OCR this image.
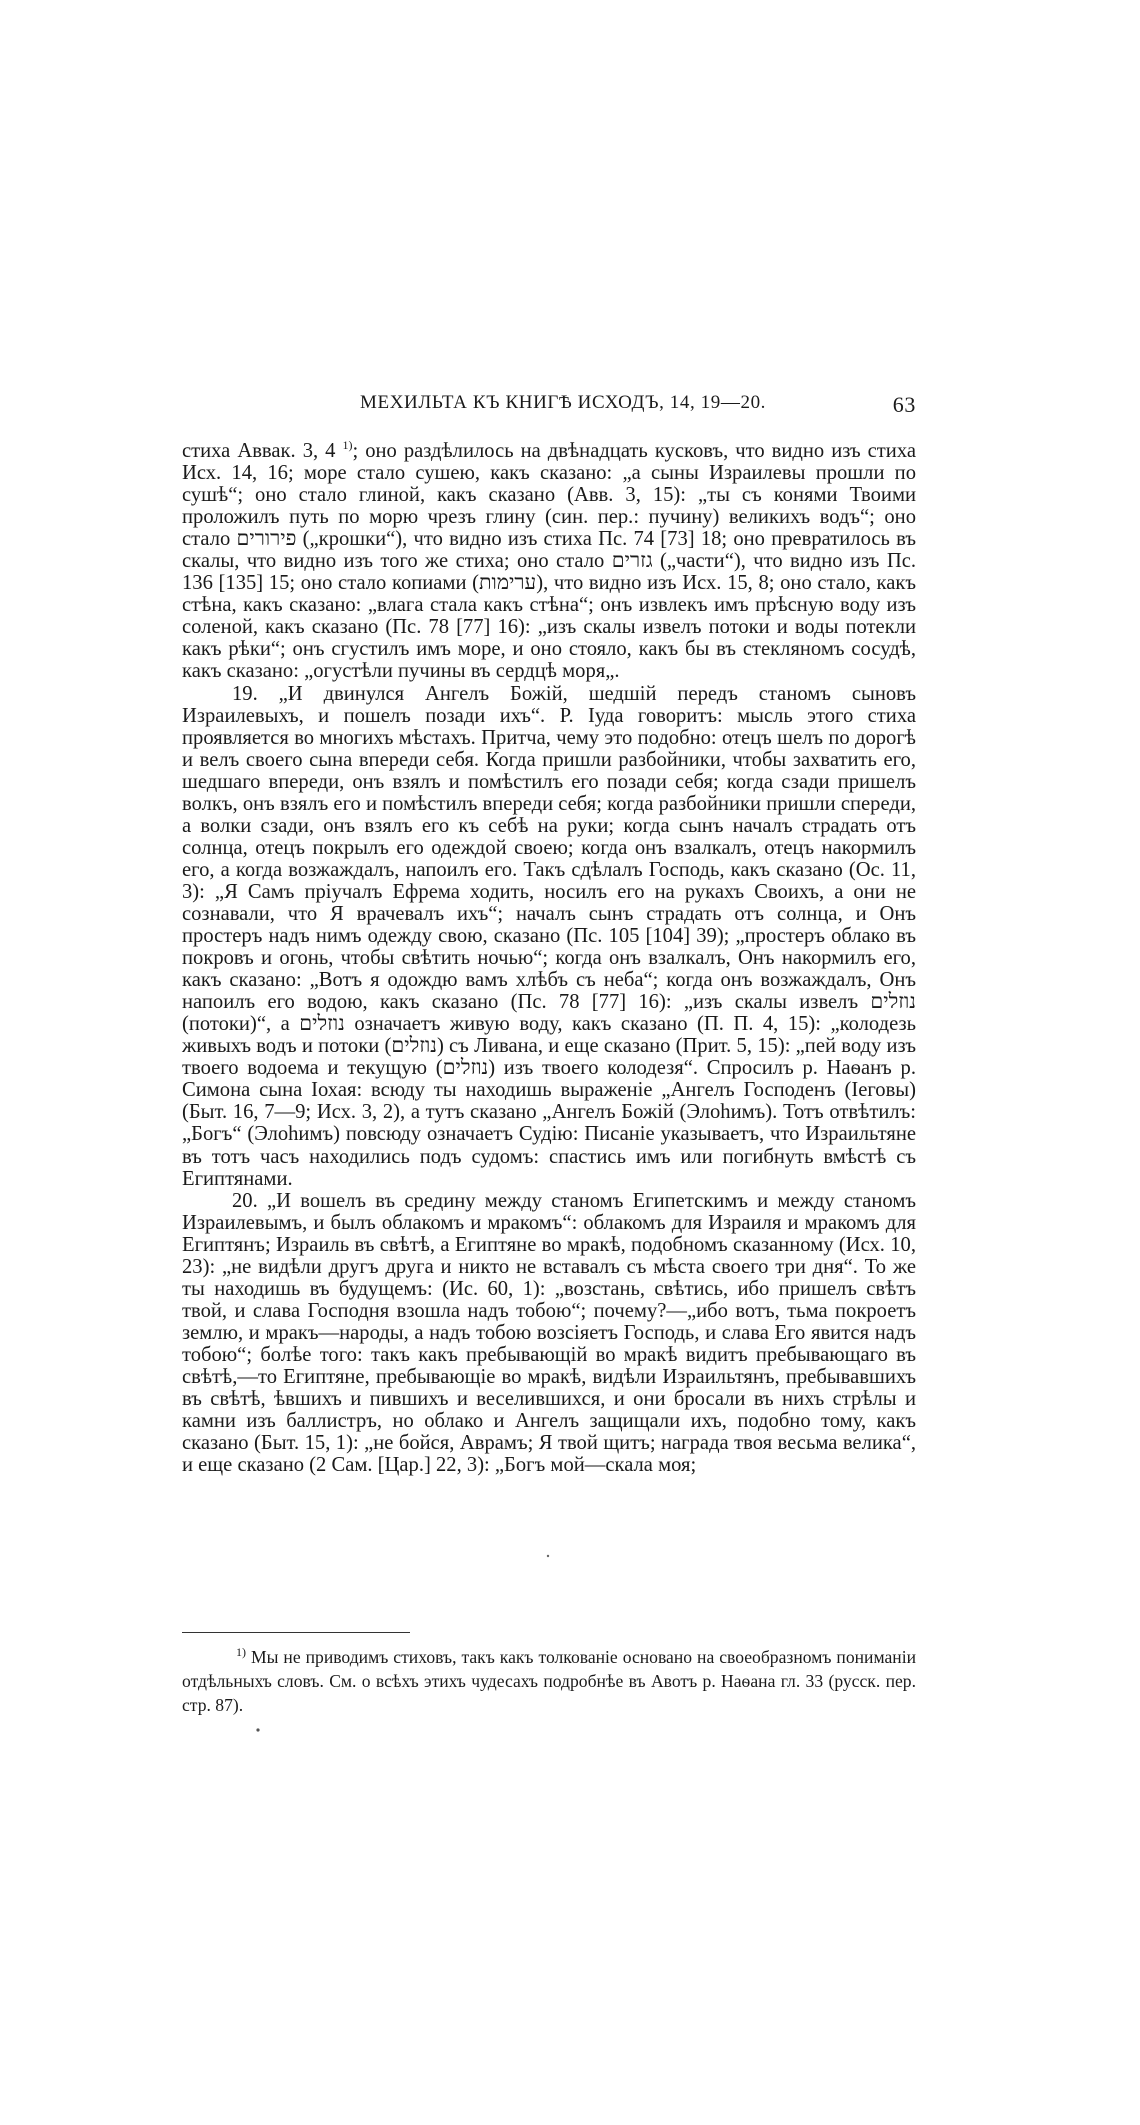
МЕХИЛЬТА КЪ КНИГѢ ИСХОДЪ, 14, 19—20.	63

стиха Аввак. 3, 4 $^{1)}$; оно раздѣлилось на двѣнадцать кусковъ, что видно изъ стиха Исх. 14, 16; море стало сушею, какъ сказано: „а сыны Израилевы прошли по сушѣ“; оно стало глиной, какъ сказано (Авв. 3, 15): „ты съ конями Твоими проложилъ путь по морю чрезъ глину (син. пер.: пучину) великихъ водъ“; оно стало פירורים („крошки“), что видно изъ стиха Пс. 74 [73] 18; оно превратилось въ скалы, что видно изъ того же стиха; оно стало גזרים („части“), что видно изъ Пс. 136 [135] 15; оно стало копиами (ערימות), что видно изъ Исх. 15, 8; оно стало, какъ стѣна, какъ сказано: „влага стала какъ стѣна“; онъ извлекъ имъ прѣсную воду изъ соленой, какъ сказано (Пс. 78 [77] 16): „изъ скалы извелъ потоки и воды потекли какъ рѣки“; онъ сгустилъ имъ море, и оно стояло, какъ бы въ стекляномъ сосудѣ, какъ сказано: „огустѣли пучины въ сердцѣ моря„.

19. „И двинулся Ангелъ Божій, шедшій передъ станомъ сыновъ Израилевыхъ, и пошелъ позади ихъ“. Р. Іуда говоритъ: мысль этого стиха проявляется во многихъ мѣстахъ. Притча, чему это подобно: отецъ шелъ по дорогѣ и велъ своего сына впереди себя. Когда пришли разбойники, чтобы захватить его, шедшаго впереди, онъ взялъ и помѣстилъ его позади себя; когда сзади пришелъ волкъ, онъ взялъ его и помѣстилъ впереди себя; когда разбойники пришли спереди, а волки сзади, онъ взялъ его къ себѣ на руки; когда сынъ началъ страдать отъ солнца, отецъ покрылъ его одеждой своею; когда онъ взалкалъ, отецъ накормилъ его, а когда возжаждалъ, напоилъ его. Такъ сдѣлалъ Господь, какъ сказано (Ос. 11, 3): „Я Самъ пріучалъ Ефрема ходить, носилъ его на рукахъ Своихъ, а они не сознавали, что Я врачевалъ ихъ“; началъ сынъ страдать отъ солнца, и Онъ простеръ надъ нимъ одежду свою, сказано (Пс. 105 [104] 39); „простеръ облако въ покровъ и огонь, чтобы свѣтить ночью“; когда онъ взалкалъ, Онъ накормилъ его, какъ сказано: „Вотъ я одождю вамъ хлѣбъ съ неба“; когда онъ возжаждалъ, Онъ напоилъ его водою, какъ сказано (Пс. 78 [77] 16): „изъ скалы извелъ נוזלים (потоки)“, а נוזלים означаетъ живую воду, какъ сказано (П. П. 4, 15): „колодезь живыхъ водъ и потоки (נוזלים) съ Ливана, и еще сказано (Прит. 5, 15): „пей воду изъ твоего водоема и текущую (נוזלים) изъ твоего колодезя“. Спросилъ р. Наѳанъ р. Симона сына Іохая: всюду ты находишь выраженіе „Ангелъ Господенъ (Іеговы) (Быт. 16, 7—9; Исх. 3, 2), а тутъ сказано „Ангелъ Божій (Элоһимъ). Тотъ отвѣтилъ: „Богъ“ (Элоһимъ) повсюду означаетъ Судію: Писаніе указываетъ, что Израильтяне въ тотъ часъ находились подъ судомъ: спастись имъ или погибнуть вмѣстѣ съ Египтянами.

20. „И вошелъ въ средину между станомъ Египетскимъ и между станомъ Израилевымъ, и былъ облакомъ и мракомъ“: облакомъ для Израиля и мракомъ для Египтянъ; Израиль въ свѣтѣ, а Египтяне во мракѣ, подобномъ сказанному (Исх. 10, 23): „не видѣли другъ друга и никто не вставалъ съ мѣста своего три дня“. То же ты находишь въ будущемъ: (Ис. 60, 1): „возстань, свѣтись, ибо пришелъ свѣтъ твой, и слава Господня взошла надъ тобою“; почему?—„ибо вотъ, тьма покроетъ землю, и мракъ—народы, а надъ тобою возсіяетъ Господь, и слава Его явится надъ тобою“; болѣе того: такъ какъ пребывающій во мракѣ видитъ пребывающаго въ свѣтѣ,—то Египтяне, пребывающіе во мракѣ, видѣли Израильтянъ, пребывавшихъ въ свѣтѣ, ѣвшихъ и пившихъ и веселившихся, и они бросали въ нихъ стрѣлы и камни изъ баллистръ, но облако и Ангелъ защищали ихъ, подобно тому, какъ сказано (Быт. 15, 1): „не бойся, Аврамъ; Я твой щитъ; награда твоя весьма велика“, и еще сказано (2 Сам. [Цар.] 22, 3): „Богъ мой—скала моя;

$^{1)}$ Мы не приводимъ стиховъ, такъ какъ толкованіе основано на своеобразномъ пониманіи отдѣльныхъ словъ. См. о всѣхъ этихъ чудесахъ подробнѣе въ Авотъ р. Наѳана гл. 33 (русск. пер. стр. 87).
